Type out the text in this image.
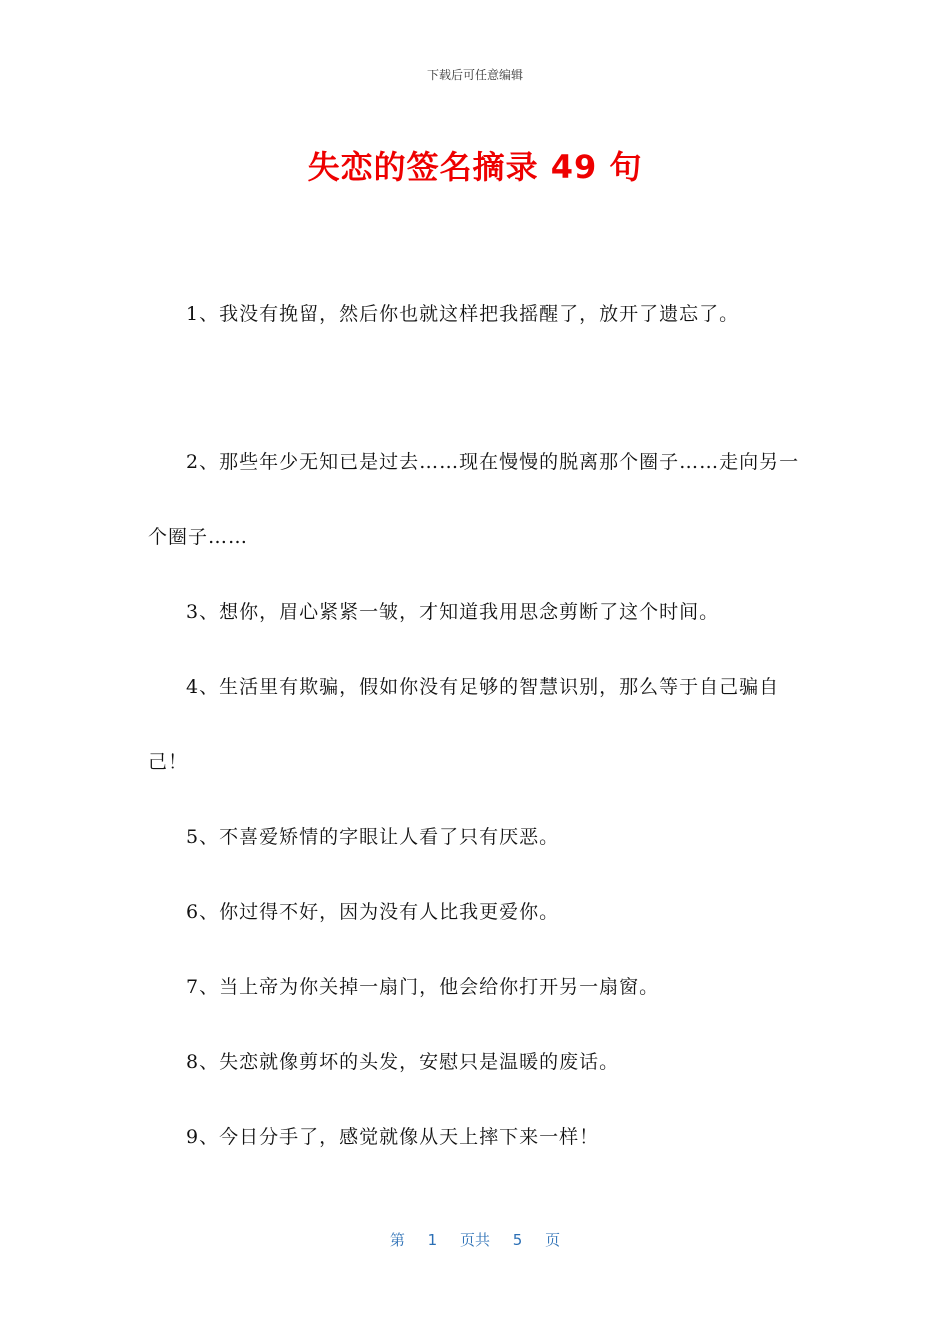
下载后可任意编辑
失恋的签名摘录 49 句

1、我没有挽留，然后你也就这样把我摇醒了，放开了遗忘了。

2、那些年少无知已是过去……现在慢慢的脱离那个圈子……走向另一个圈子……

3、想你，眉心紧紧一皱，才知道我用思念剪断了这个时间。

4、生活里有欺骗，假如你没有足够的智慧识别，那么等于自己骗自己！

5、不喜爱矫情的字眼让人看了只有厌恶。

6、你过得不好，因为没有人比我更爱你。

7、当上帝为你关掉一扇门，他会给你打开另一扇窗。

8、失恋就像剪坏的头发，安慰只是温暖的废话。

9、今日分手了，感觉就像从天上摔下来一样！

第 1 页共 5 页
